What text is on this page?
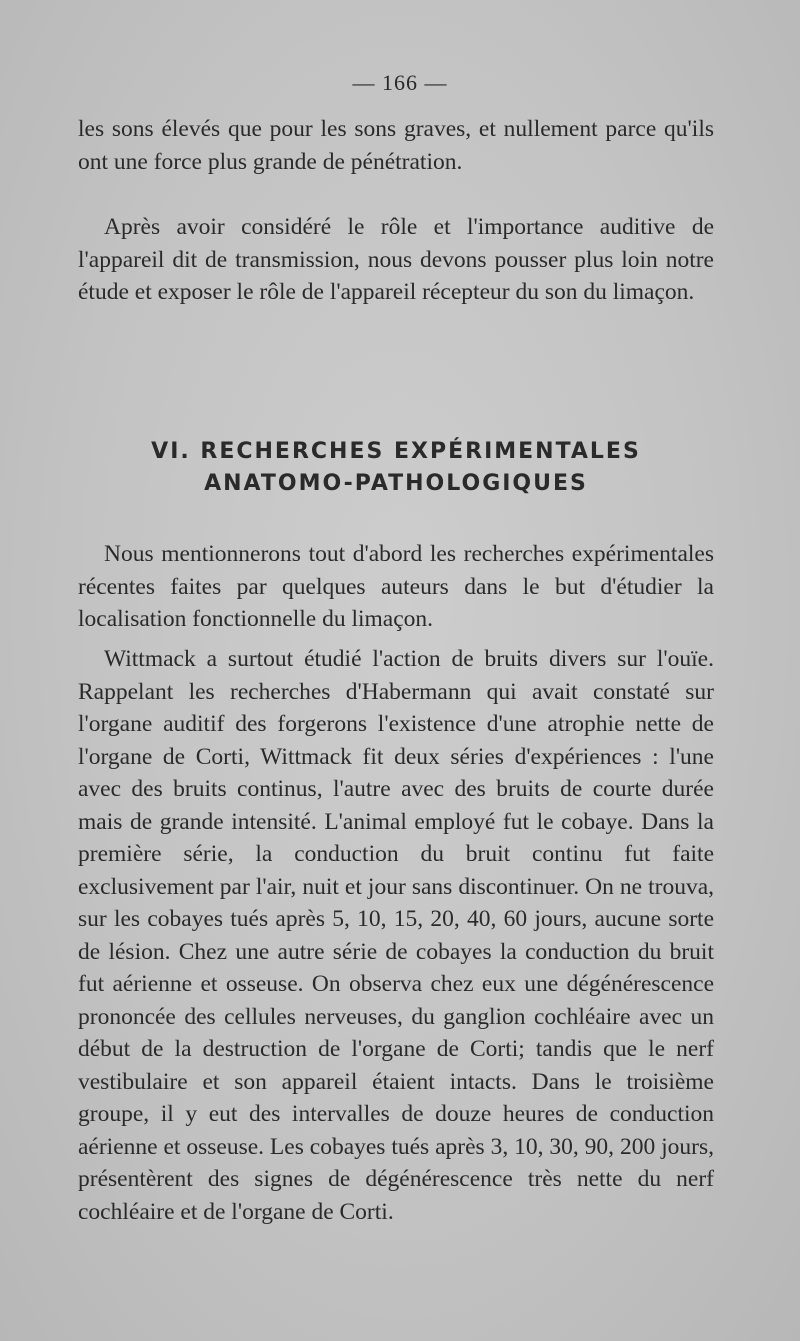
— 166 —

les sons élevés que pour les sons graves, et nullement parce qu'ils ont une force plus grande de pénétration.

Après avoir considéré le rôle et l'importance auditive de l'appareil dit de transmission, nous devons pousser plus loin notre étude et exposer le rôle de l'appareil récepteur du son du limaçon.

VI. RECHERCHES EXPÉRIMENTALES
ANATOMO-PATHOLOGIQUES

Nous mentionnerons tout d'abord les recherches expérimentales récentes faites par quelques auteurs dans le but d'étudier la localisation fonctionnelle du limaçon.

Wittmack a surtout étudié l'action de bruits divers sur l'ouïe. Rappelant les recherches d'Habermann qui avait constaté sur l'organe auditif des forgerons l'existence d'une atrophie nette de l'organe de Corti, Wittmack fit deux séries d'expériences : l'une avec des bruits continus, l'autre avec des bruits de courte durée mais de grande intensité. L'animal employé fut le cobaye. Dans la première série, la conduction du bruit continu fut faite exclusivement par l'air, nuit et jour sans discontinuer. On ne trouva, sur les cobayes tués après 5, 10, 15, 20, 40, 60 jours, aucune sorte de lésion. Chez une autre série de cobayes la conduction du bruit fut aérienne et osseuse. On observa chez eux une dégénérescence prononcée des cellules nerveuses, du ganglion cochléaire avec un début de la destruction de l'organe de Corti; tandis que le nerf vestibulaire et son appareil étaient intacts. Dans le troisième groupe, il y eut des intervalles de douze heures de conduction aérienne et osseuse. Les cobayes tués après 3, 10, 30, 90, 200 jours, présentèrent des signes de dégénérescence très nette du nerf cochléaire et de l'organe de Corti.
